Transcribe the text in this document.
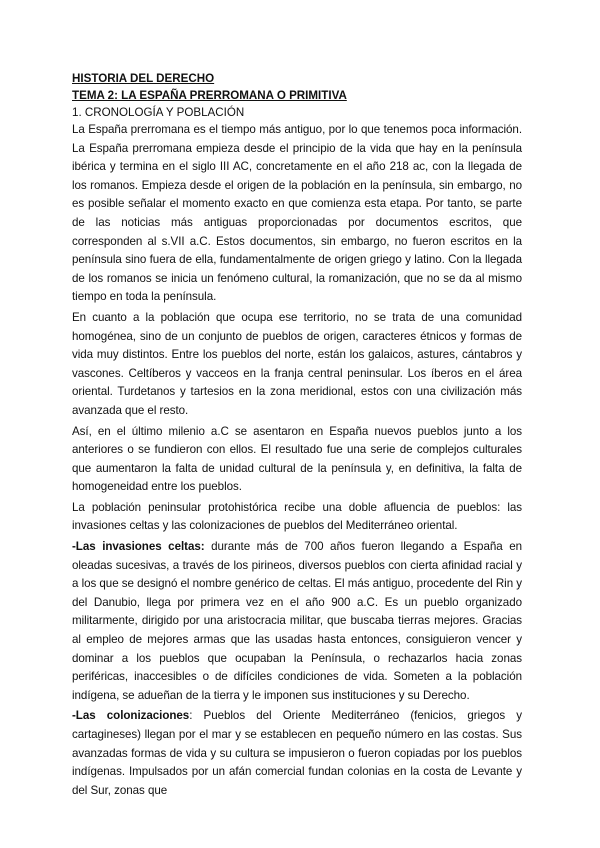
HISTORIA DEL DERECHO
TEMA 2: LA ESPAÑA PRERROMANA O PRIMITIVA
1. CRONOLOGÍA Y POBLACIÓN

La España prerromana es el tiempo más antiguo, por lo que tenemos poca información. La España prerromana empieza desde el principio de la vida que hay en la península ibérica y termina en el siglo III AC, concretamente en el año 218 ac, con la llegada de los romanos. Empieza desde el origen de la población en la península, sin embargo, no es posible señalar el momento exacto en que comienza esta etapa. Por tanto, se parte de las noticias más antiguas proporcionadas por documentos escritos, que corresponden al s.VII a.C. Estos documentos, sin embargo, no fueron escritos en la península sino fuera de ella, fundamentalmente de origen griego y latino. Con la llegada de los romanos se inicia un fenómeno cultural, la romanización, que no se da al mismo tiempo en toda la península.

En cuanto a la población que ocupa ese territorio, no se trata de una comunidad homogénea, sino de un conjunto de pueblos de origen, caracteres étnicos y formas de vida muy distintos. Entre los pueblos del norte, están los galaicos, astures, cántabros y vascones. Celtíberos y vacceos en la franja central peninsular. Los íberos en el área oriental. Turdetanos y tartesios en la zona meridional, estos con una civilización más avanzada que el resto.

Así, en el último milenio a.C se asentaron en España nuevos pueblos junto a los anteriores o se fundieron con ellos. El resultado fue una serie de complejos culturales que aumentaron la falta de unidad cultural de la península y, en definitiva, la falta de homogeneidad entre los pueblos.

La población peninsular protohistórica recibe una doble afluencia de pueblos: las invasiones celtas y las colonizaciones de pueblos del Mediterráneo oriental.

-Las invasiones celtas: durante más de 700 años fueron llegando a España en oleadas sucesivas, a través de los pirineos, diversos pueblos con cierta afinidad racial y a los que se designó el nombre genérico de celtas. El más antiguo, procedente del Rin y del Danubio, llega por primera vez en el año 900 a.C. Es un pueblo organizado militarmente, dirigido por una aristocracia militar, que buscaba tierras mejores. Gracias al empleo de mejores armas que las usadas hasta entonces, consiguieron vencer y dominar a los pueblos que ocupaban la Península, o rechazarlos hacia zonas periféricas, inaccesibles o de difíciles condiciones de vida. Someten a la población indígena, se adueñan de la tierra y le imponen sus instituciones y su Derecho.

-Las colonizaciones: Pueblos del Oriente Mediterráneo (fenicios, griegos y cartagineses) llegan por el mar y se establecen en pequeño número en las costas. Sus avanzadas formas de vida y su cultura se impusieron o fueron copiadas por los pueblos indígenas. Impulsados por un afán comercial fundan colonias en la costa de Levante y del Sur, zonas que
